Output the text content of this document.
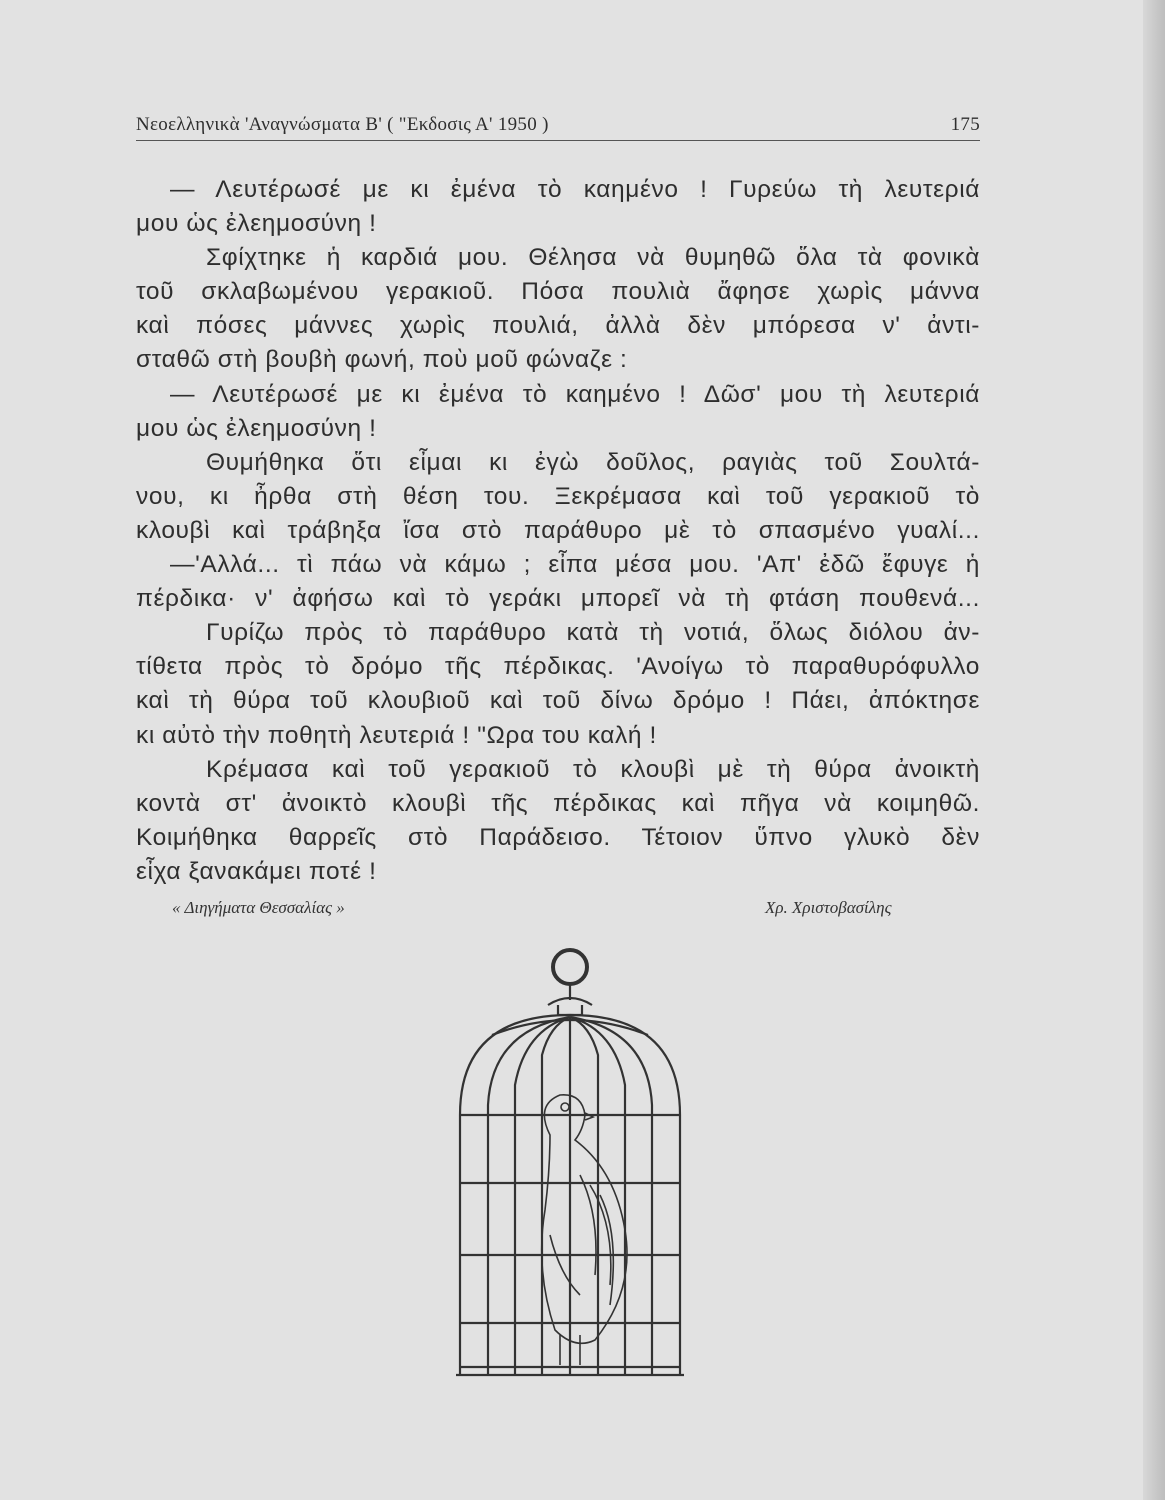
Νεοελληνικὰ 'Αναγνώσματα Β' ( "Εκδοσις Α' 1950 )	175
— Λευτέρωσέ με κι ἐμένα τὸ καημένο ! Γυρεύω τὴ λευτεριά
μου ὡς ἐλεημοσύνη !
Σφίχτηκε ἡ καρδιά μου. Θέλησα νὰ θυμηθῶ ὅλα τὰ φονικὰ
τοῦ σκλαβωμένου γερακιοῦ. Πόσα πουλιὰ ἄφησε χωρὶς μάννα
καὶ πόσες μάννες χωρὶς πουλιά, ἀλλὰ δὲν μπόρεσα ν' ἀντι-
σταθῶ στὴ βουβὴ φωνή, ποὺ μοῦ φώναζε :
— Λευτέρωσέ με κι ἐμένα τὸ καημένο ! Δῶσ' μου τὴ λευτεριά
μου ὡς ἐλεημοσύνη !
Θυμήθηκα ὅτι εἶμαι κι ἐγὼ δοῦλος, ραγιὰς τοῦ Σουλτά-
νου, κι ἦρθα στὴ θέση του. Ξεκρέμασα καὶ τοῦ γερακιοῦ τὸ
κλουβὶ καὶ τράβηξα ἴσα στὸ παράθυρο μὲ τὸ σπασμένο γυαλί...
—'Αλλά... τὶ πάω νὰ κάμω ; εἶπα μέσα μου. 'Απ' ἐδῶ ἔφυγε ἡ
πέρδικα· ν' ἀφήσω καὶ τὸ γεράκι μπορεῖ νὰ τὴ φτάση πουθενά...
Γυρίζω πρὸς τὸ παράθυρο κατὰ τὴ νοτιά, ὅλως διόλου ἀν-
τίθετα πρὸς τὸ δρόμο τῆς πέρδικας. 'Ανοίγω τὸ παραθυρόφυλλο
καὶ τὴ θύρα τοῦ κλουβιοῦ καὶ τοῦ δίνω δρόμο ! Πάει, ἀπόκτησε
κι αὐτὸ τὴν ποθητὴ λευτεριά ! "Ωρα του καλή !
Κρέμασα καὶ τοῦ γερακιοῦ τὸ κλουβὶ μὲ τὴ θύρα ἀνοικτὴ
κοντὰ στ' ἀνοικτὸ κλουβὶ τῆς πέρδικας καὶ πῆγα νὰ κοιμηθῶ.
Κοιμήθηκα θαρρεῖς στὸ Παράδεισο. Τέτοιον ὕπνο γλυκὸ δὲν
εἶχα ξανακάμει ποτέ !
« Διηγήματα Θεσσαλίας »	Χρ. Χριστοβασίλης
